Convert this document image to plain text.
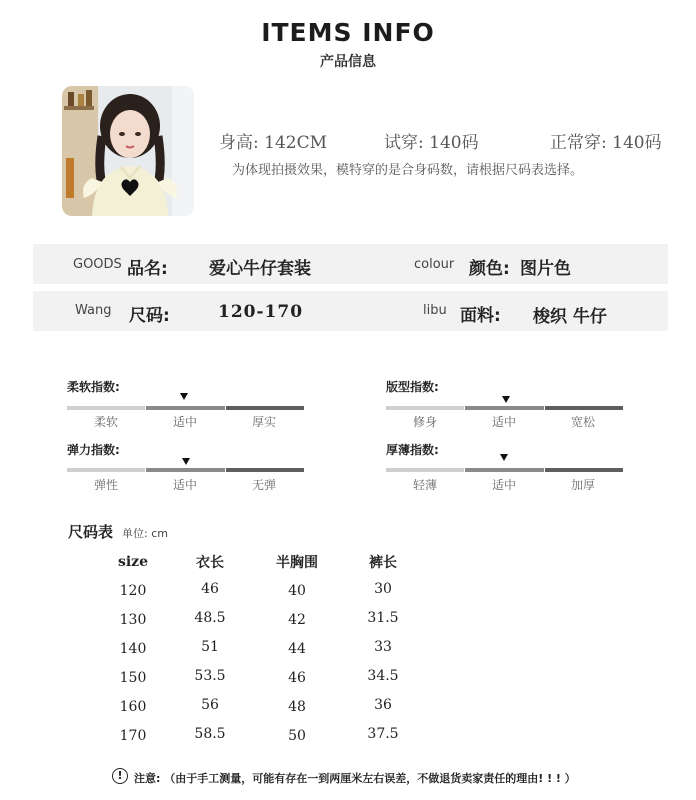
ITEMS INFO
产品信息
身高: 142CM	试穿: 140码	正常穿: 140码
为体现拍摄效果，模特穿的是合身码数，请根据尺码表选择。
GOODS 品名: 爱心牛仔套装	colour 颜色: 图片色
Wang 尺码:	120-170	libu 面料: 梭织 牛仔
柔软指数:
柔软	适中	厚实
版型指数:
修身	适中	宽松
弹力指数:
弹性	适中	无弹
厚薄指数:
轻薄	适中	加厚
尺码表 单位: cm
size	衣长	半胸围	裤长
120	46	40	30
130	48.5	42	31.5
140	51	44	33
150	53.5	46	34.5
160	56	48	36
170	58.5	50	37.5
!	注意: （由于手工测量，可能有存在一到两厘米左右误差，不做退货卖家责任的理由! ! ! ）
